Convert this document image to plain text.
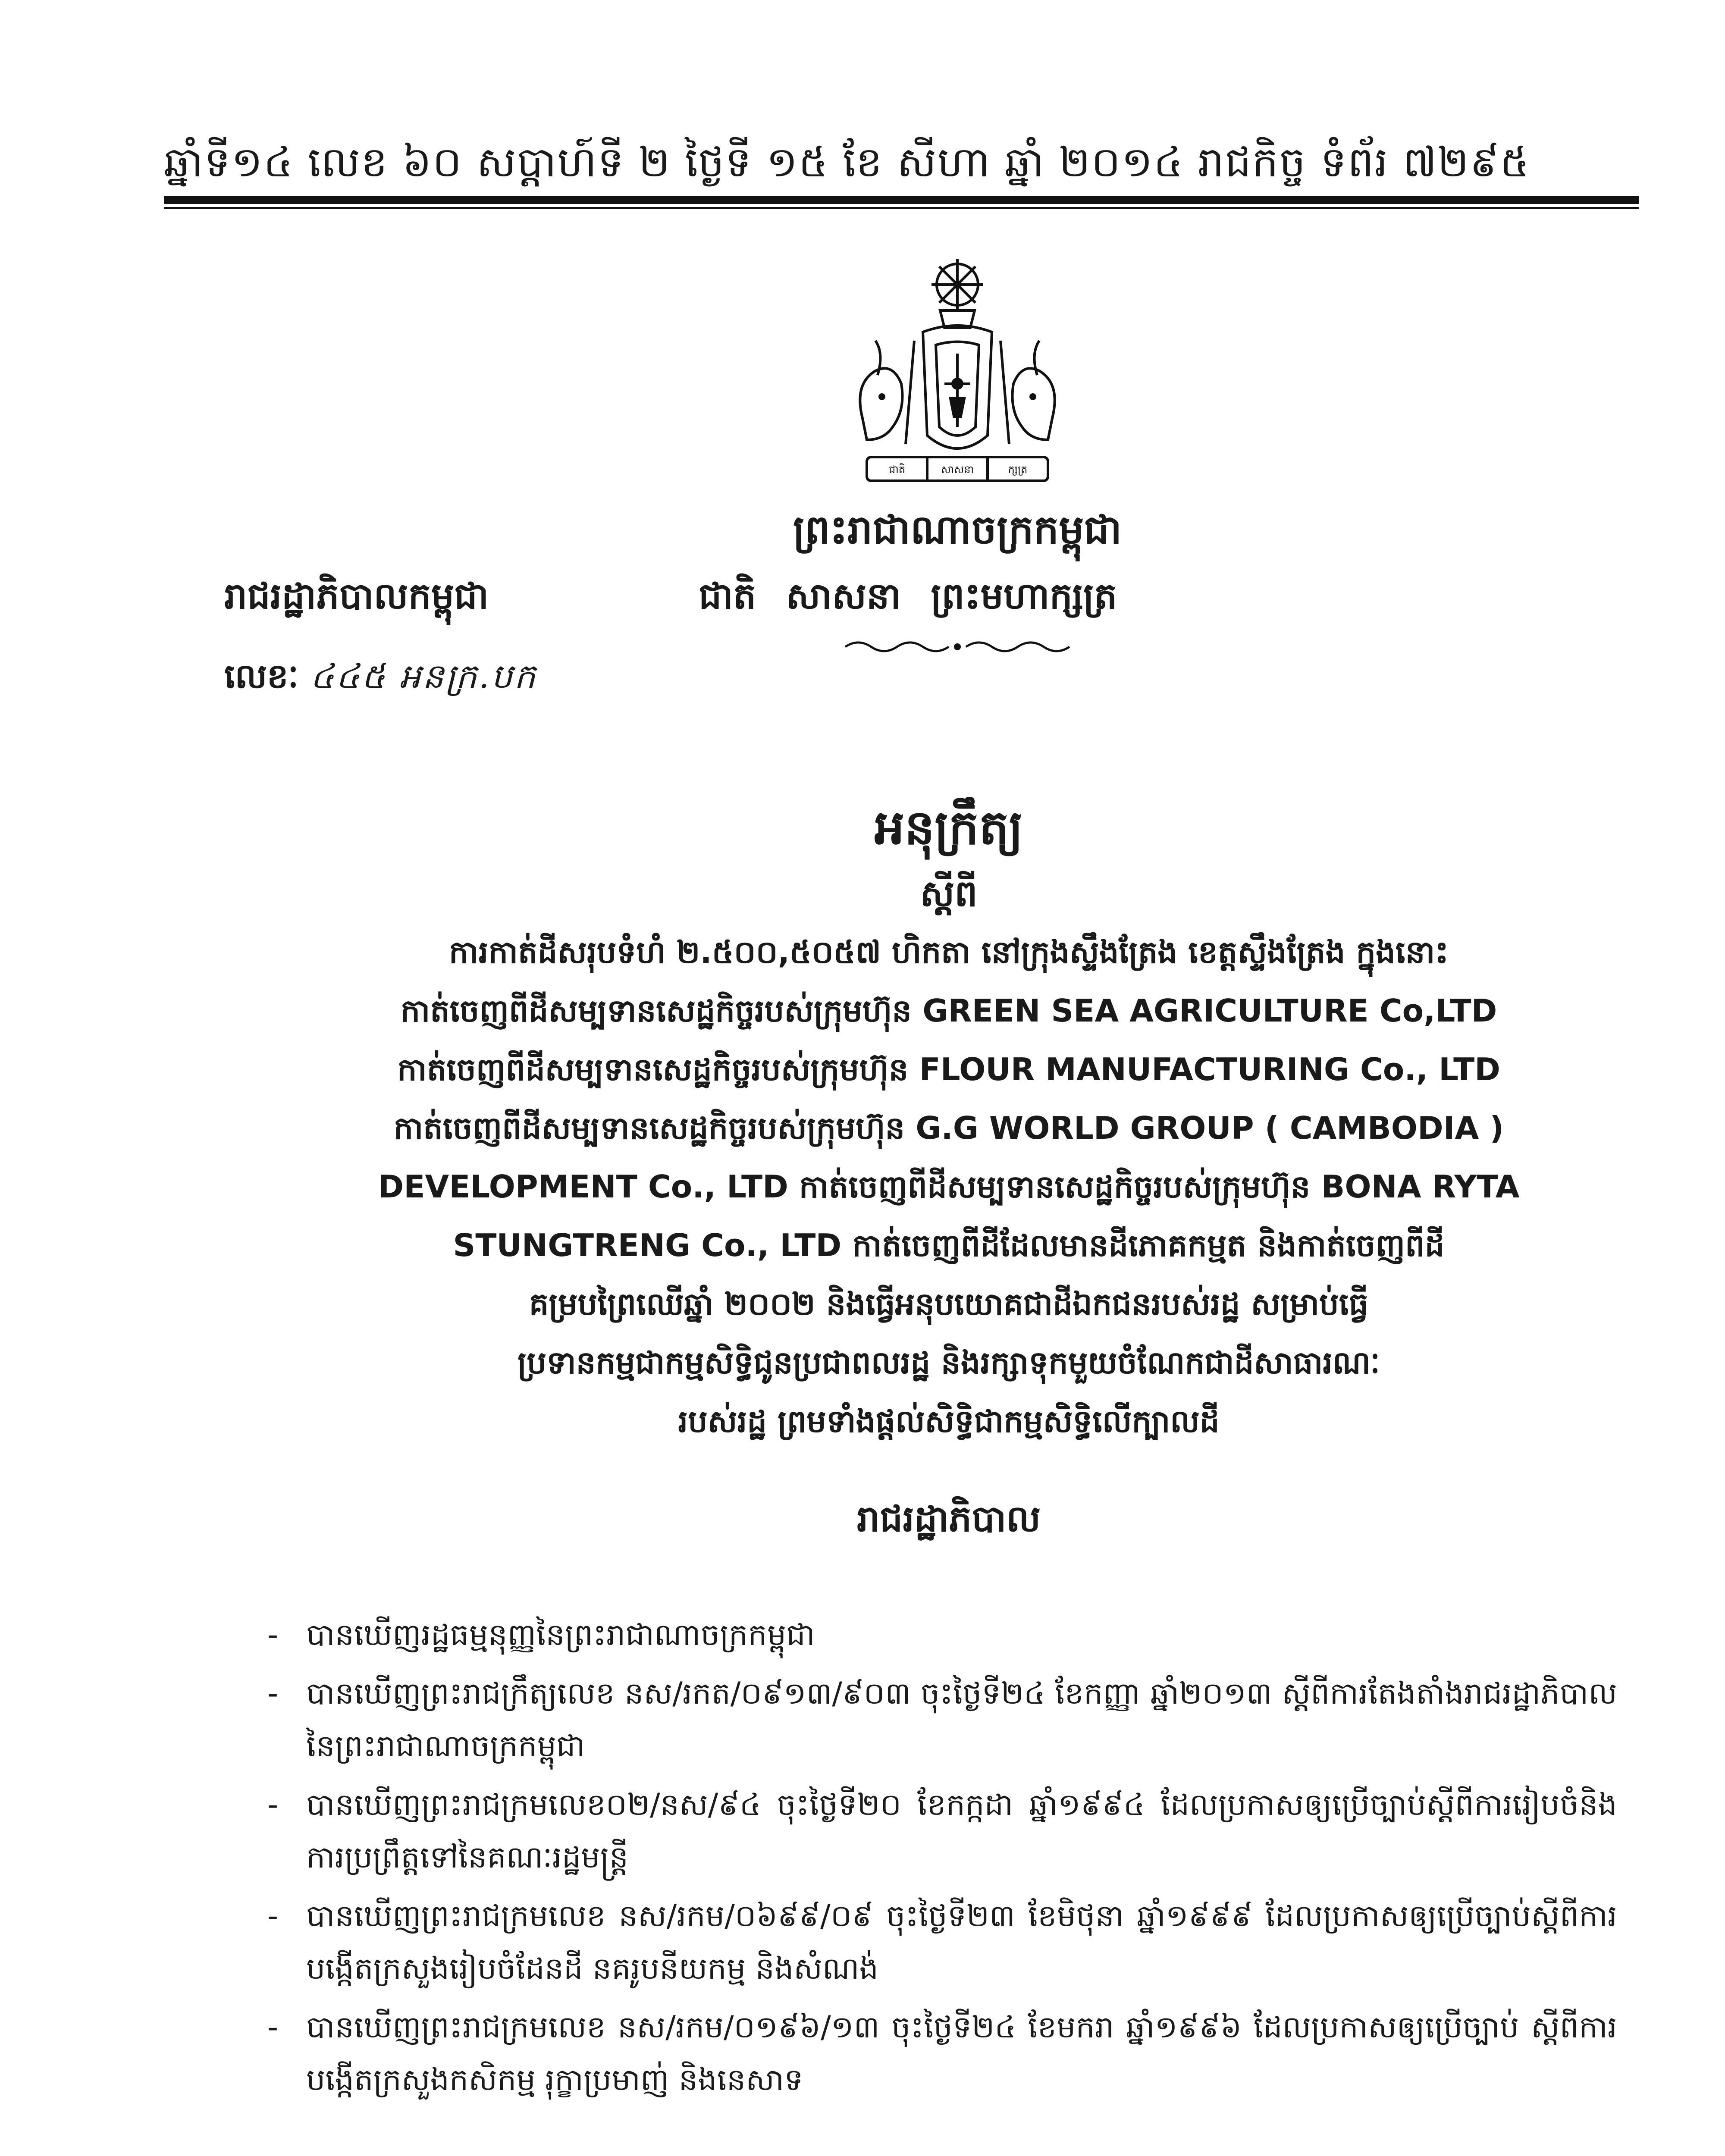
ឆ្នាំទី១៤ លេខ ៦០ សប្តាហ៍ទី ២ ថ្ងៃទី ១៥ ខែ សីហា ឆ្នាំ ២០១៤ រាជកិច្ច ទំព័រ ៧២៩៥
ជាតិ	សាសនា	ក្សត្រ
ព្រះរាជាណាចក្រកម្ពុជា
រាជរដ្ឋាភិបាលកម្ពុជា	ជាតិ សាសនា ព្រះមហាក្សត្រ
លេខៈ ៤៤៥ អនក្រ.បក
អនុក្រឹត្យ
ស្តីពី
ការកាត់ដីសរុបទំហំ ២.៥០០,៥០៥៧ ហិកតា នៅក្រុងស្ទឹងត្រែង ខេត្តស្ទឹងត្រែង ក្នុងនោះ
កាត់ចេញពីដីសម្បទានសេដ្ឋកិច្ចរបស់ក្រុមហ៊ុន GREEN SEA AGRICULTURE Co,LTD
កាត់ចេញពីដីសម្បទានសេដ្ឋកិច្ចរបស់ក្រុមហ៊ុន FLOUR MANUFACTURING Co., LTD
កាត់ចេញពីដីសម្បទានសេដ្ឋកិច្ចរបស់ក្រុមហ៊ុន G.G WORLD GROUP ( CAMBODIA )
DEVELOPMENT Co., LTD កាត់ចេញពីដីសម្បទានសេដ្ឋកិច្ចរបស់ក្រុមហ៊ុន BONA RYTA
STUNGTRENG Co., LTD កាត់ចេញពីដីដែលមានដីភោគកម្មត និងកាត់ចេញពីដី
គម្របព្រៃឈើឆ្នាំ ២០០២ និងធ្វើអនុបយោគជាដីឯកជនរបស់រដ្ឋ សម្រាប់ធ្វើ
ប្រទានកម្មជាកម្មសិទ្ធិជូនប្រជាពលរដ្ឋ និងរក្សាទុកមួយចំណែកជាដីសាធារណៈ
របស់រដ្ឋ ព្រមទាំងផ្តល់សិទ្ធិជាកម្មសិទ្ធិលើក្បាលដី
រាជរដ្ឋាភិបាល
- បានឃើញរដ្ឋធម្មនុញ្ញនៃព្រះរាជាណាចក្រកម្ពុជា
- បានឃើញព្រះរាជក្រឹត្យលេខ នស/រកត/០៩១៣/៩០៣ ចុះថ្ងៃទី២៤ ខែកញ្ញា ឆ្នាំ២០១៣ ស្តីពីការតែងតាំងរាជរដ្ឋាភិបាលនៃព្រះរាជាណាចក្រកម្ពុជា
- បានឃើញព្រះរាជក្រមលេខ០២/នស/៩៤ ចុះថ្ងៃទី២០ ខែកក្កដា ឆ្នាំ១៩៩៤ ដែលប្រកាសឲ្យប្រើច្បាប់ស្តីពីការរៀបចំនិងការប្រព្រឹត្តទៅនៃគណៈរដ្ឋមន្ត្រី
- បានឃើញព្រះរាជក្រមលេខ នស/រកម/០៦៩៩/០៩ ចុះថ្ងៃទី២៣ ខែមិថុនា ឆ្នាំ១៩៩៩ ដែលប្រកាសឲ្យប្រើច្បាប់ស្តីពីការបង្កើតក្រសួងរៀបចំដែនដី នគរូបនីយកម្ម និងសំណង់
- បានឃើញព្រះរាជក្រមលេខ នស/រកម/០១៩៦/១៣ ចុះថ្ងៃទី២៤ ខែមករា ឆ្នាំ១៩៩៦ ដែលប្រកាសឲ្យប្រើច្បាប់ ស្តីពីការបង្កើតក្រសួងកសិកម្ម រុក្ខាប្រមាញ់ និងនេសាទ
